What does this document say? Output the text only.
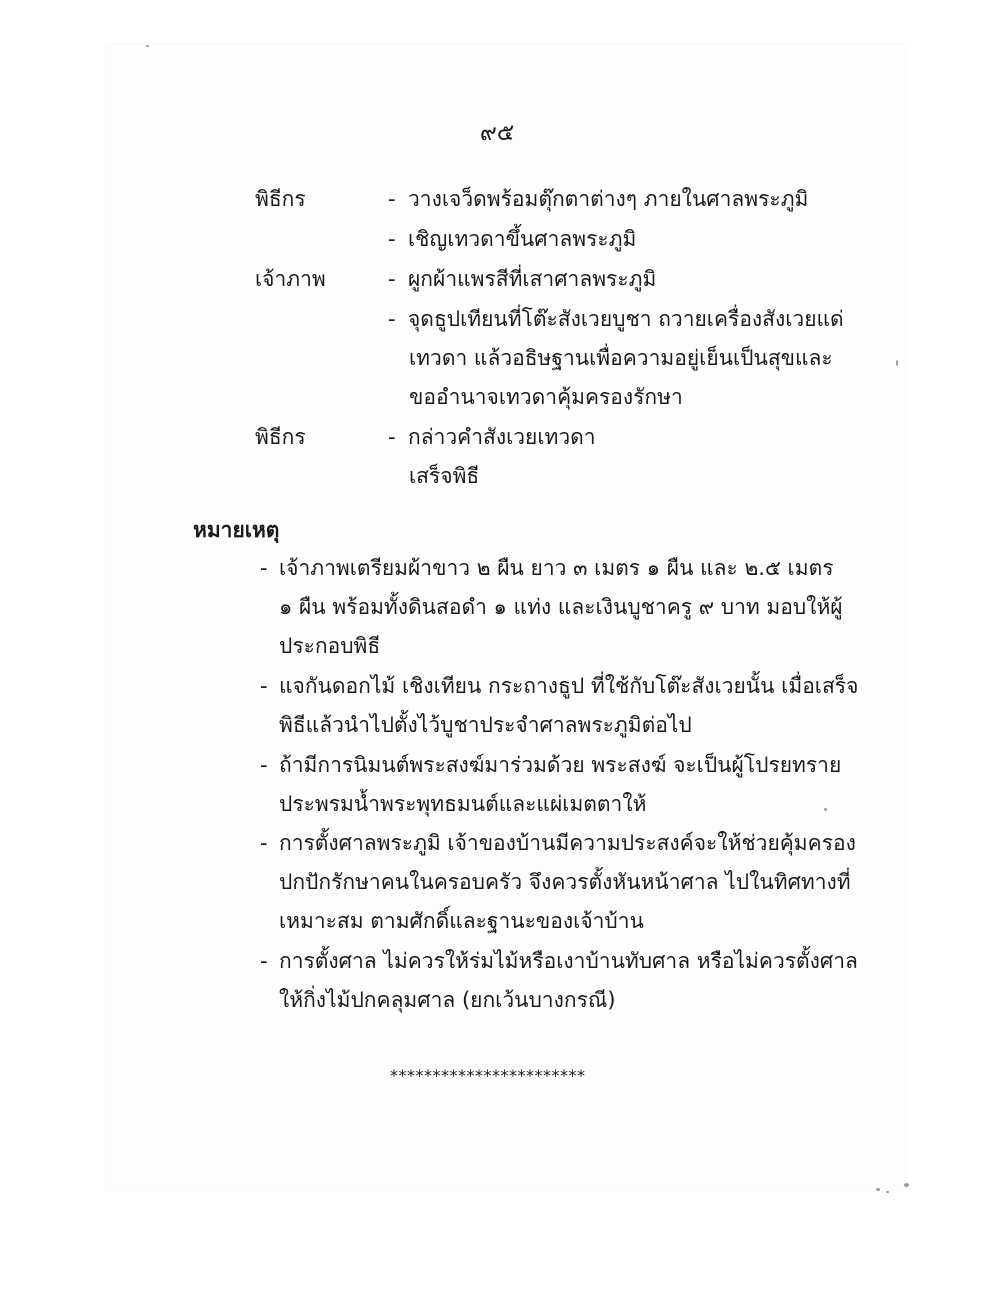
๙๕
พิธีกร	- วางเจว็ดพร้อมตุ๊กตาต่างๆ ภายในศาลพระภูมิ
- เชิญเทวดาขึ้นศาลพระภูมิ
เจ้าภาพ	- ผูกผ้าแพรสีที่เสาศาลพระภูมิ
- จุดธูปเทียนที่โต๊ะสังเวยบูชา ถวายเครื่องสังเวยแด่
เทวดา แล้วอธิษฐานเพื่อความอยู่เย็นเป็นสุขและ
ขออำนาจเทวดาคุ้มครองรักษา
พิธีกร	- กล่าวคำสังเวยเทวดา
เสร็จพิธี
หมายเหตุ
- เจ้าภาพเตรียมผ้าขาว ๒ ผืน ยาว ๓ เมตร ๑ ผืน และ ๒.๕ เมตร
๑ ผืน พร้อมทั้งดินสอดำ ๑ แท่ง และเงินบูชาครู ๙ บาท มอบให้ผู้
ประกอบพิธี
- แจกันดอกไม้ เชิงเทียน กระถางธูป ที่ใช้กับโต๊ะสังเวยนั้น เมื่อเสร็จ
พิธีแล้วนำไปตั้งไว้บูชาประจำศาลพระภูมิต่อไป
- ถ้ามีการนิมนต์พระสงฆ์มาร่วมด้วย พระสงฆ์ จะเป็นผู้โปรยทราย
ประพรมน้ำพระพุทธมนต์และแผ่เมตตาให้
- การตั้งศาลพระภูมิ เจ้าของบ้านมีความประสงค์จะให้ช่วยคุ้มครอง
ปกปักรักษาคนในครอบครัว จึงควรตั้งหันหน้าศาล ไปในทิศทางที่
เหมาะสม ตามศักดิ์และฐานะของเจ้าบ้าน
- การตั้งศาล ไม่ควรให้ร่มไม้หรือเงาบ้านทับศาล หรือไม่ควรตั้งศาล
ให้กิ่งไม้ปกคลุมศาล (ยกเว้นบางกรณี)
***********************
